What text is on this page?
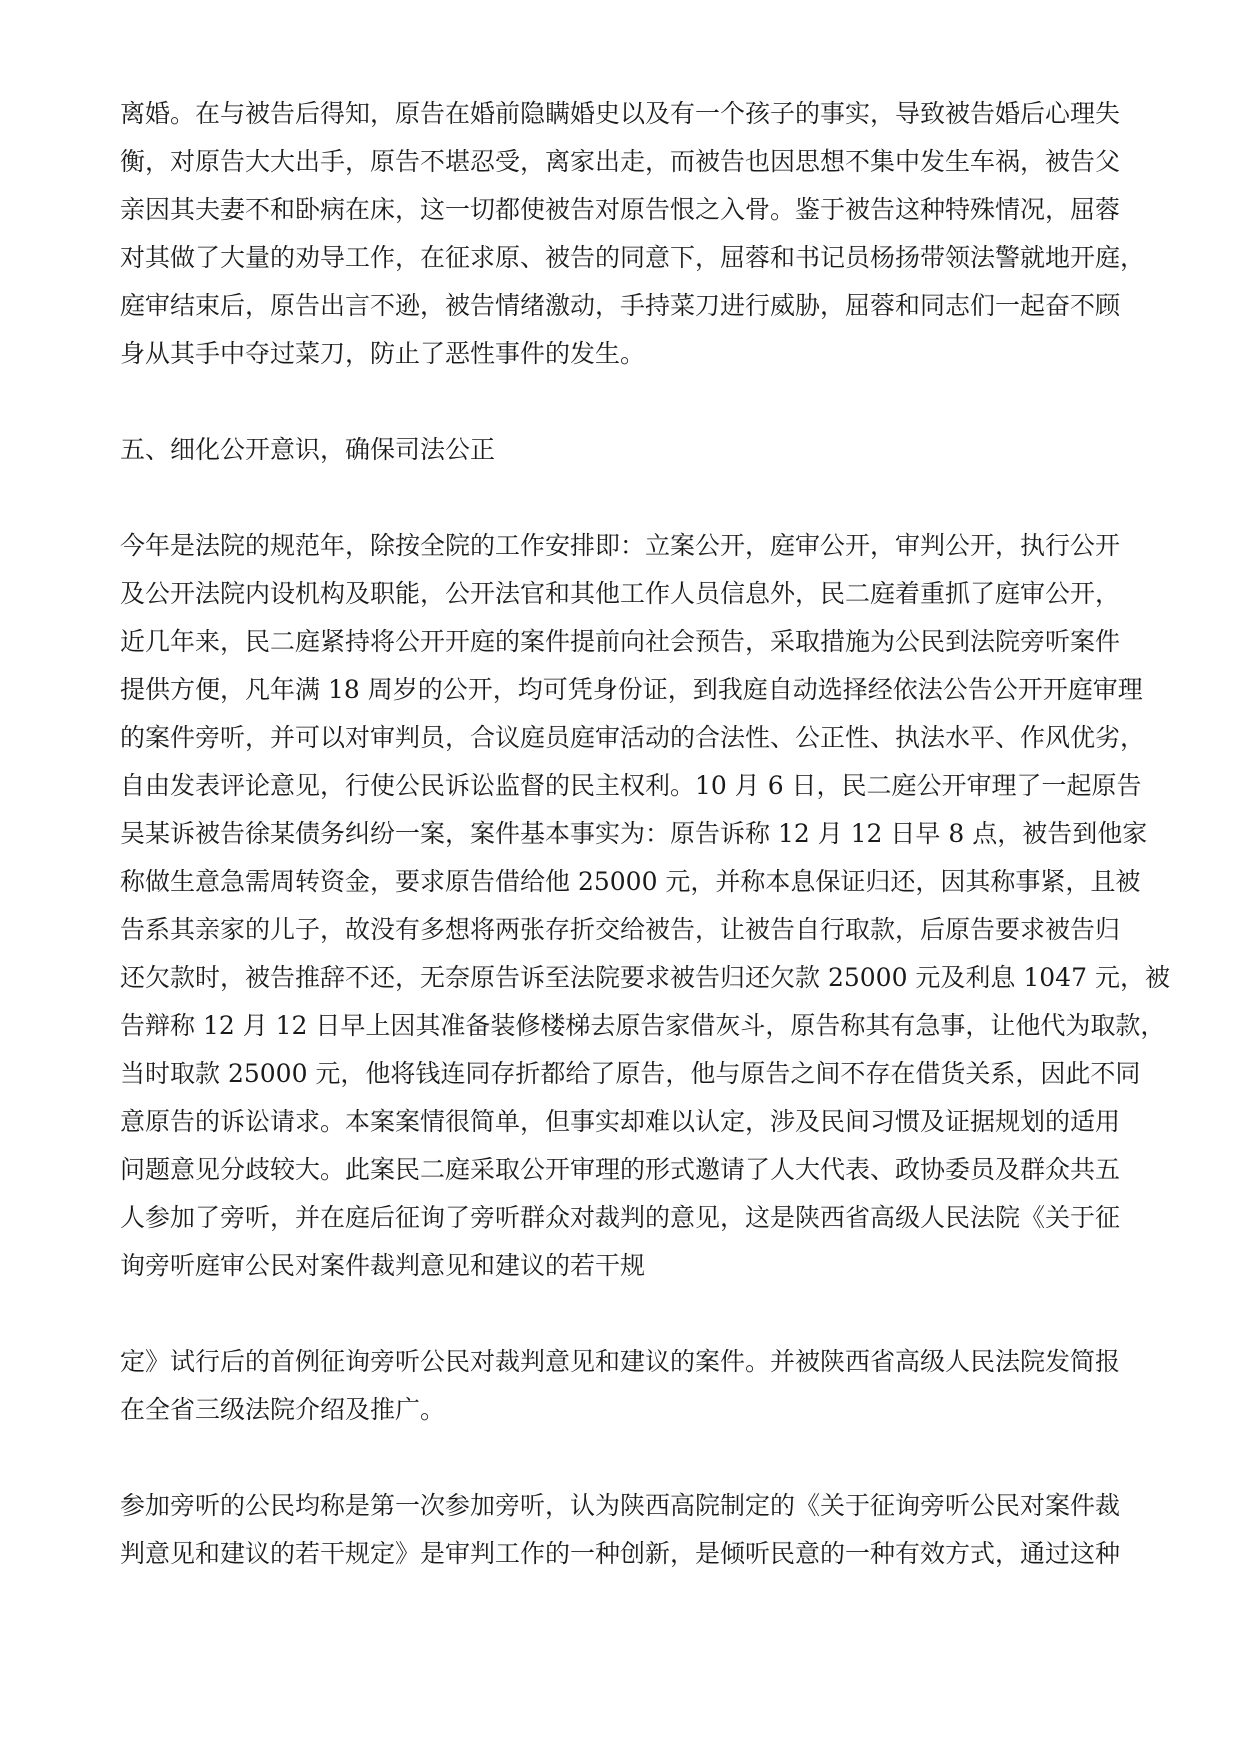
离婚。在与被告后得知，原告在婚前隐瞒婚史以及有一个孩子的事实，导致被告婚后心理失
衡，对原告大大出手，原告不堪忍受，离家出走，而被告也因思想不集中发生车祸，被告父
亲因其夫妻不和卧病在床，这一切都使被告对原告恨之入骨。鉴于被告这种特殊情况，屈蓉
对其做了大量的劝导工作，在征求原、被告的同意下，屈蓉和书记员杨扬带领法警就地开庭，
庭审结束后，原告出言不逊，被告情绪激动，手持菜刀进行威胁，屈蓉和同志们一起奋不顾
身从其手中夺过菜刀，防止了恶性事件的发生。
五、细化公开意识，确保司法公正
今年是法院的规范年，除按全院的工作安排即：立案公开，庭审公开，审判公开，执行公开
及公开法院内设机构及职能，公开法官和其他工作人员信息外，民二庭着重抓了庭审公开，
近几年来，民二庭紧持将公开开庭的案件提前向社会预告，采取措施为公民到法院旁听案件
提供方便，凡年满 18 周岁的公开，均可凭身份证，到我庭自动选择经依法公告公开开庭审理
的案件旁听，并可以对审判员，合议庭员庭审活动的合法性、公正性、执法水平、作风优劣，
自由发表评论意见，行使公民诉讼监督的民主权利。10 月 6 日，民二庭公开审理了一起原告
吴某诉被告徐某债务纠纷一案，案件基本事实为：原告诉称 12 月 12 日早 8 点，被告到他家
称做生意急需周转资金，要求原告借给他 25000 元，并称本息保证归还，因其称事紧，且被
告系其亲家的儿子，故没有多想将两张存折交给被告，让被告自行取款，后原告要求被告归
还欠款时，被告推辞不还，无奈原告诉至法院要求被告归还欠款 25000 元及利息 1047 元，被
告辩称 12 月 12 日早上因其准备装修楼梯去原告家借灰斗，原告称其有急事，让他代为取款，
当时取款 25000 元，他将钱连同存折都给了原告，他与原告之间不存在借货关系，因此不同
意原告的诉讼请求。本案案情很简单，但事实却难以认定，涉及民间习惯及证据规划的适用
问题意见分歧较大。此案民二庭采取公开审理的形式邀请了人大代表、政协委员及群众共五
人参加了旁听，并在庭后征询了旁听群众对裁判的意见，这是陕西省高级人民法院《关于征
询旁听庭审公民对案件裁判意见和建议的若干规
定》试行后的首例征询旁听公民对裁判意见和建议的案件。并被陕西省高级人民法院发简报
在全省三级法院介绍及推广。
参加旁听的公民均称是第一次参加旁听，认为陕西高院制定的《关于征询旁听公民对案件裁
判意见和建议的若干规定》是审判工作的一种创新，是倾听民意的一种有效方式，通过这种
